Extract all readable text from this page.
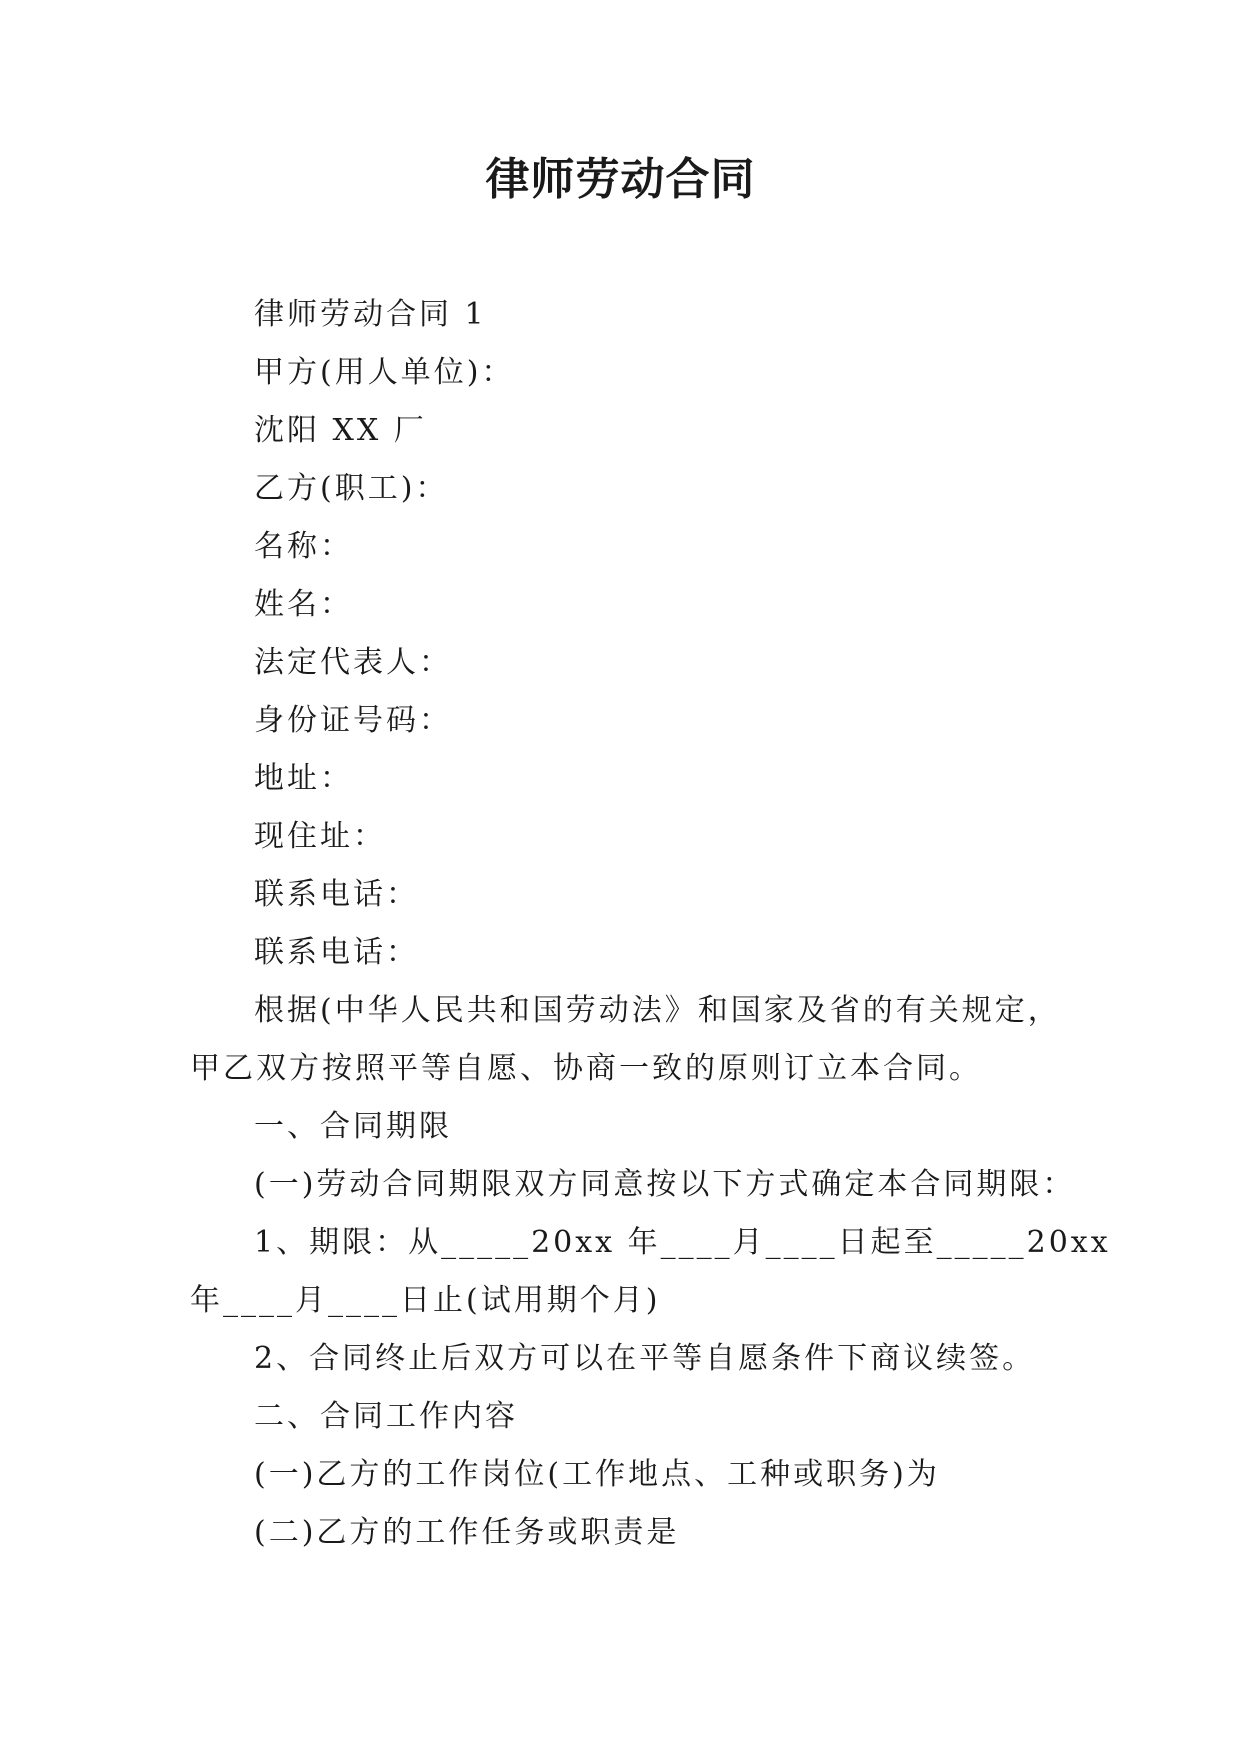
律师劳动合同

律师劳动合同 1

甲方(用人单位)：

沈阳 XX 厂

乙方(职工)：

名称：

姓名：

法定代表人：

身份证号码：

地址：

现住址：

联系电话：

联系电话：

根据(中华人民共和国劳动法》和国家及省的有关规定，

甲乙双方按照平等自愿、协商一致的原则订立本合同。

一、合同期限

(一)劳动合同期限双方同意按以下方式确定本合同期限：

1、期限：从_____20xx 年____月____日起至_____20xx

年____月____日止(试用期个月)

2、合同终止后双方可以在平等自愿条件下商议续签。

二、合同工作内容

(一)乙方的工作岗位(工作地点、工种或职务)为

(二)乙方的工作任务或职责是
